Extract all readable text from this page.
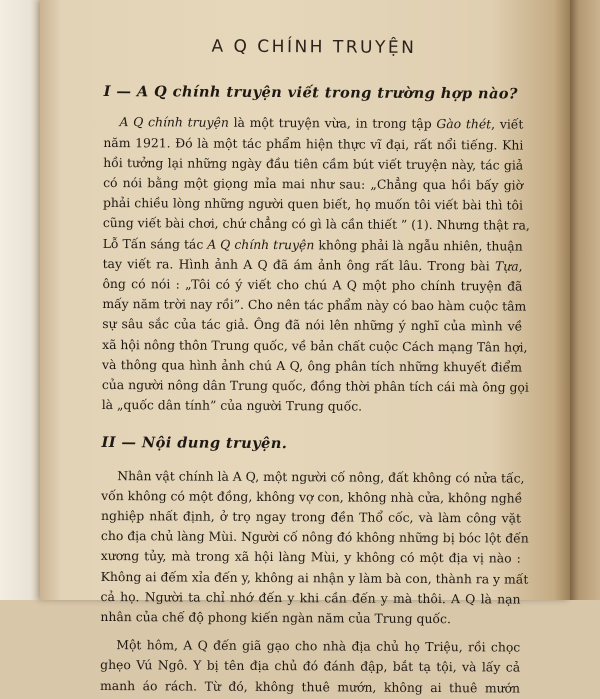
A Q CHÍNH TRUYỆN
I — A Q chính truyện viết trong trường hợp nào?
A Q chính truyện là một truyện vừa, in trong tập Gào thét, viết
năm 1921. Đó là một tác phẩm hiện thực vĩ đại, rất nổi tiếng. Khi
hồi tưởng lại những ngày đầu tiên cầm bút viết truyện này, tác giả
có nói bằng một giọng mỉa mai như sau: „Chẳng qua hồi bấy giờ
phải chiều lòng những người quen biết, họ muốn tôi viết bài thì tôi
cũng viết bài chơi, chứ chẳng có gì là cần thiết ” (1). Nhưng thật ra,
Lỗ Tấn sáng tác A Q chính truyện không phải là ngẫu nhiên, thuận
tay viết ra. Hình ảnh A Q đã ám ảnh ông rất lâu. Trong bài Tựa,
ông có nói : „Tôi có ý viết cho chú A Q một pho chính truyện đã
mấy năm trời nay rồi”. Cho nên tác phẩm này có bao hàm cuộc tâm
sự sâu sắc của tác giả. Ông đã nói lên những ý nghĩ của mình về
xã hội nông thôn Trung quốc, về bản chất cuộc Cách mạng Tân hợi,
và thông qua hình ảnh chú A Q, ông phân tích những khuyết điểm
của người nông dân Trung quốc, đồng thời phân tích cái mà ông gọi
là „quốc dân tính” của người Trung quốc.
II — Nội dung truyện.
Nhân vật chính là A Q, một người cố nông, đất không có nửa tấc,
vốn không có một đồng, không vợ con, không nhà cửa, không nghề
nghiệp nhất định, ở trọ ngay trong đền Thổ cốc, và làm công vặt
cho địa chủ làng Mùi. Người cố nông đó không những bị bóc lột đến
xương tủy, mà trong xã hội làng Mùi, y không có một địa vị nào :
Không ai đếm xỉa đến y, không ai nhận y làm bà con, thành ra y mất
cả họ. Người ta chỉ nhớ đến y khi cần đến y mà thôi. A Q là nạn
nhân của chế độ phong kiến ngàn năm của Trung quốc.
Một hôm, A Q đến giã gạo cho nhà địa chủ họ Triệu, rồi chọc
ghẹo Vú Ngô. Y bị tên địa chủ đó đánh đập, bắt tạ tội, và lấy cả
manh áo rách. Từ đó, không thuê mướn, không ai thuê mướn
